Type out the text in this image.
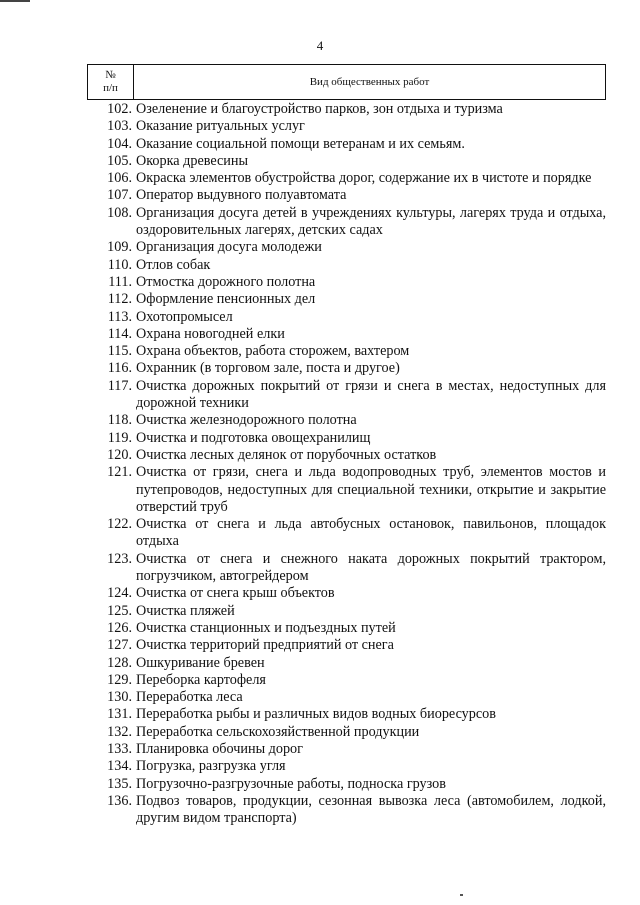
4
№
п/п	Вид общественных работ
102. Озеленение и благоустройство парков, зон отдыха и туризма
103. Оказание ритуальных услуг
104. Оказание социальной помощи ветеранам и их семьям.
105. Окорка древесины
106. Окраска элементов обустройства дорог, содержание их в чистоте и порядке
107. Оператор выдувного полуавтомата
108. Организация досуга детей в учреждениях культуры, лагерях труда и отдыха, оздоровительных лагерях, детских садах
109. Организация досуга молодежи
110. Отлов собак
111. Отмостка дорожного полотна
112. Оформление пенсионных дел
113. Охотопромысел
114. Охрана новогодней елки
115. Охрана объектов, работа сторожем, вахтером
116. Охранник (в торговом зале, поста и другое)
117. Очистка дорожных покрытий от грязи и снега в местах, недоступных для дорожной техники
118. Очистка железнодорожного полотна
119. Очистка и подготовка овощехранилищ
120. Очистка лесных делянок от порубочных остатков
121. Очистка от грязи, снега и льда водопроводных труб, элементов мостов и путепроводов, недоступных для специальной техники, открытие и закрытие отверстий труб
122. Очистка от снега и льда автобусных остановок, павильонов, площадок отдыха
123. Очистка от снега и снежного наката дорожных покрытий трактором, погрузчиком, автогрейдером
124. Очистка от снега крыш объектов
125. Очистка пляжей
126. Очистка станционных и подъездных путей
127. Очистка территорий предприятий от снега
128. Ошкуривание бревен
129. Переборка картофеля
130. Переработка леса
131. Переработка рыбы и различных видов водных биоресурсов
132. Переработка сельскохозяйственной продукции
133. Планировка обочины дорог
134. Погрузка, разгрузка угля
135. Погрузочно-разгрузочные работы, подноска грузов
136. Подвоз товаров, продукции, сезонная вывозка леса (автомобилем, лодкой, другим видом транспорта)
